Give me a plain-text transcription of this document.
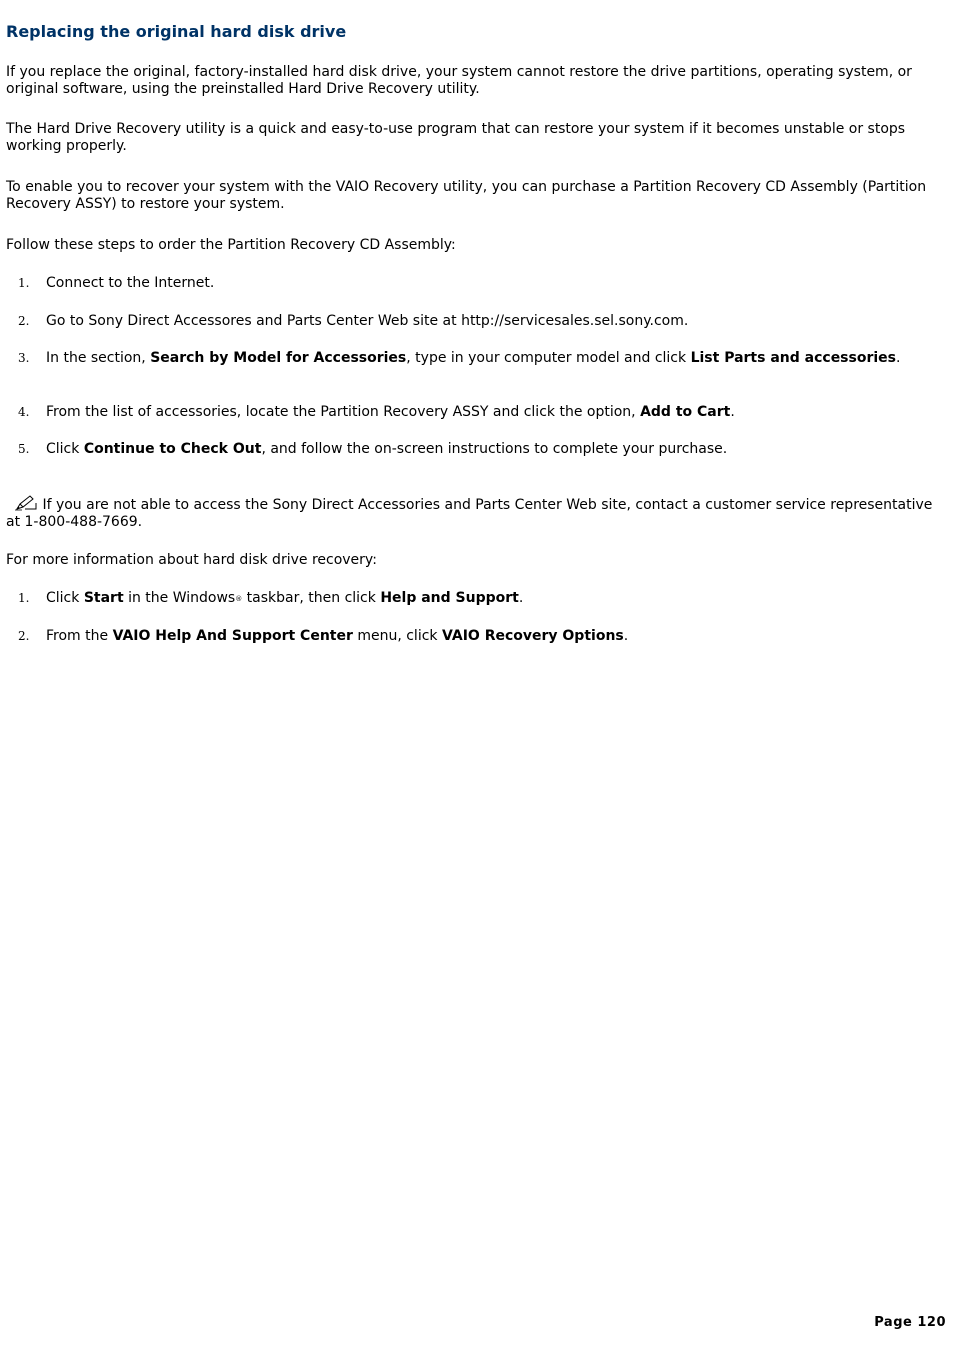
Replacing the original hard disk drive

If you replace the original, factory-installed hard disk drive, your system cannot restore the drive partitions, operating system, or original software, using the preinstalled Hard Drive Recovery utility.

The Hard Drive Recovery utility is a quick and easy-to-use program that can restore your system if it becomes unstable or stops working properly.

To enable you to recover your system with the VAIO Recovery utility, you can purchase a Partition Recovery CD Assembly (Partition Recovery ASSY) to restore your system.

Follow these steps to order the Partition Recovery CD Assembly:

1. Connect to the Internet.
2. Go to Sony Direct Accessores and Parts Center Web site at http://servicesales.sel.sony.com.
3. In the section, Search by Model for Accessories, type in your computer model and click List Parts and accessories.
4. From the list of accessories, locate the Partition Recovery ASSY and click the option, Add to Cart.
5. Click Continue to Check Out, and follow the on-screen instructions to complete your purchase.

If you are not able to access the Sony Direct Accessories and Parts Center Web site, contact a customer service representative at 1-800-488-7669.

For more information about hard disk drive recovery:

1. Click Start in the Windows® taskbar, then click Help and Support.
2. From the VAIO Help And Support Center menu, click VAIO Recovery Options.
Page 120
